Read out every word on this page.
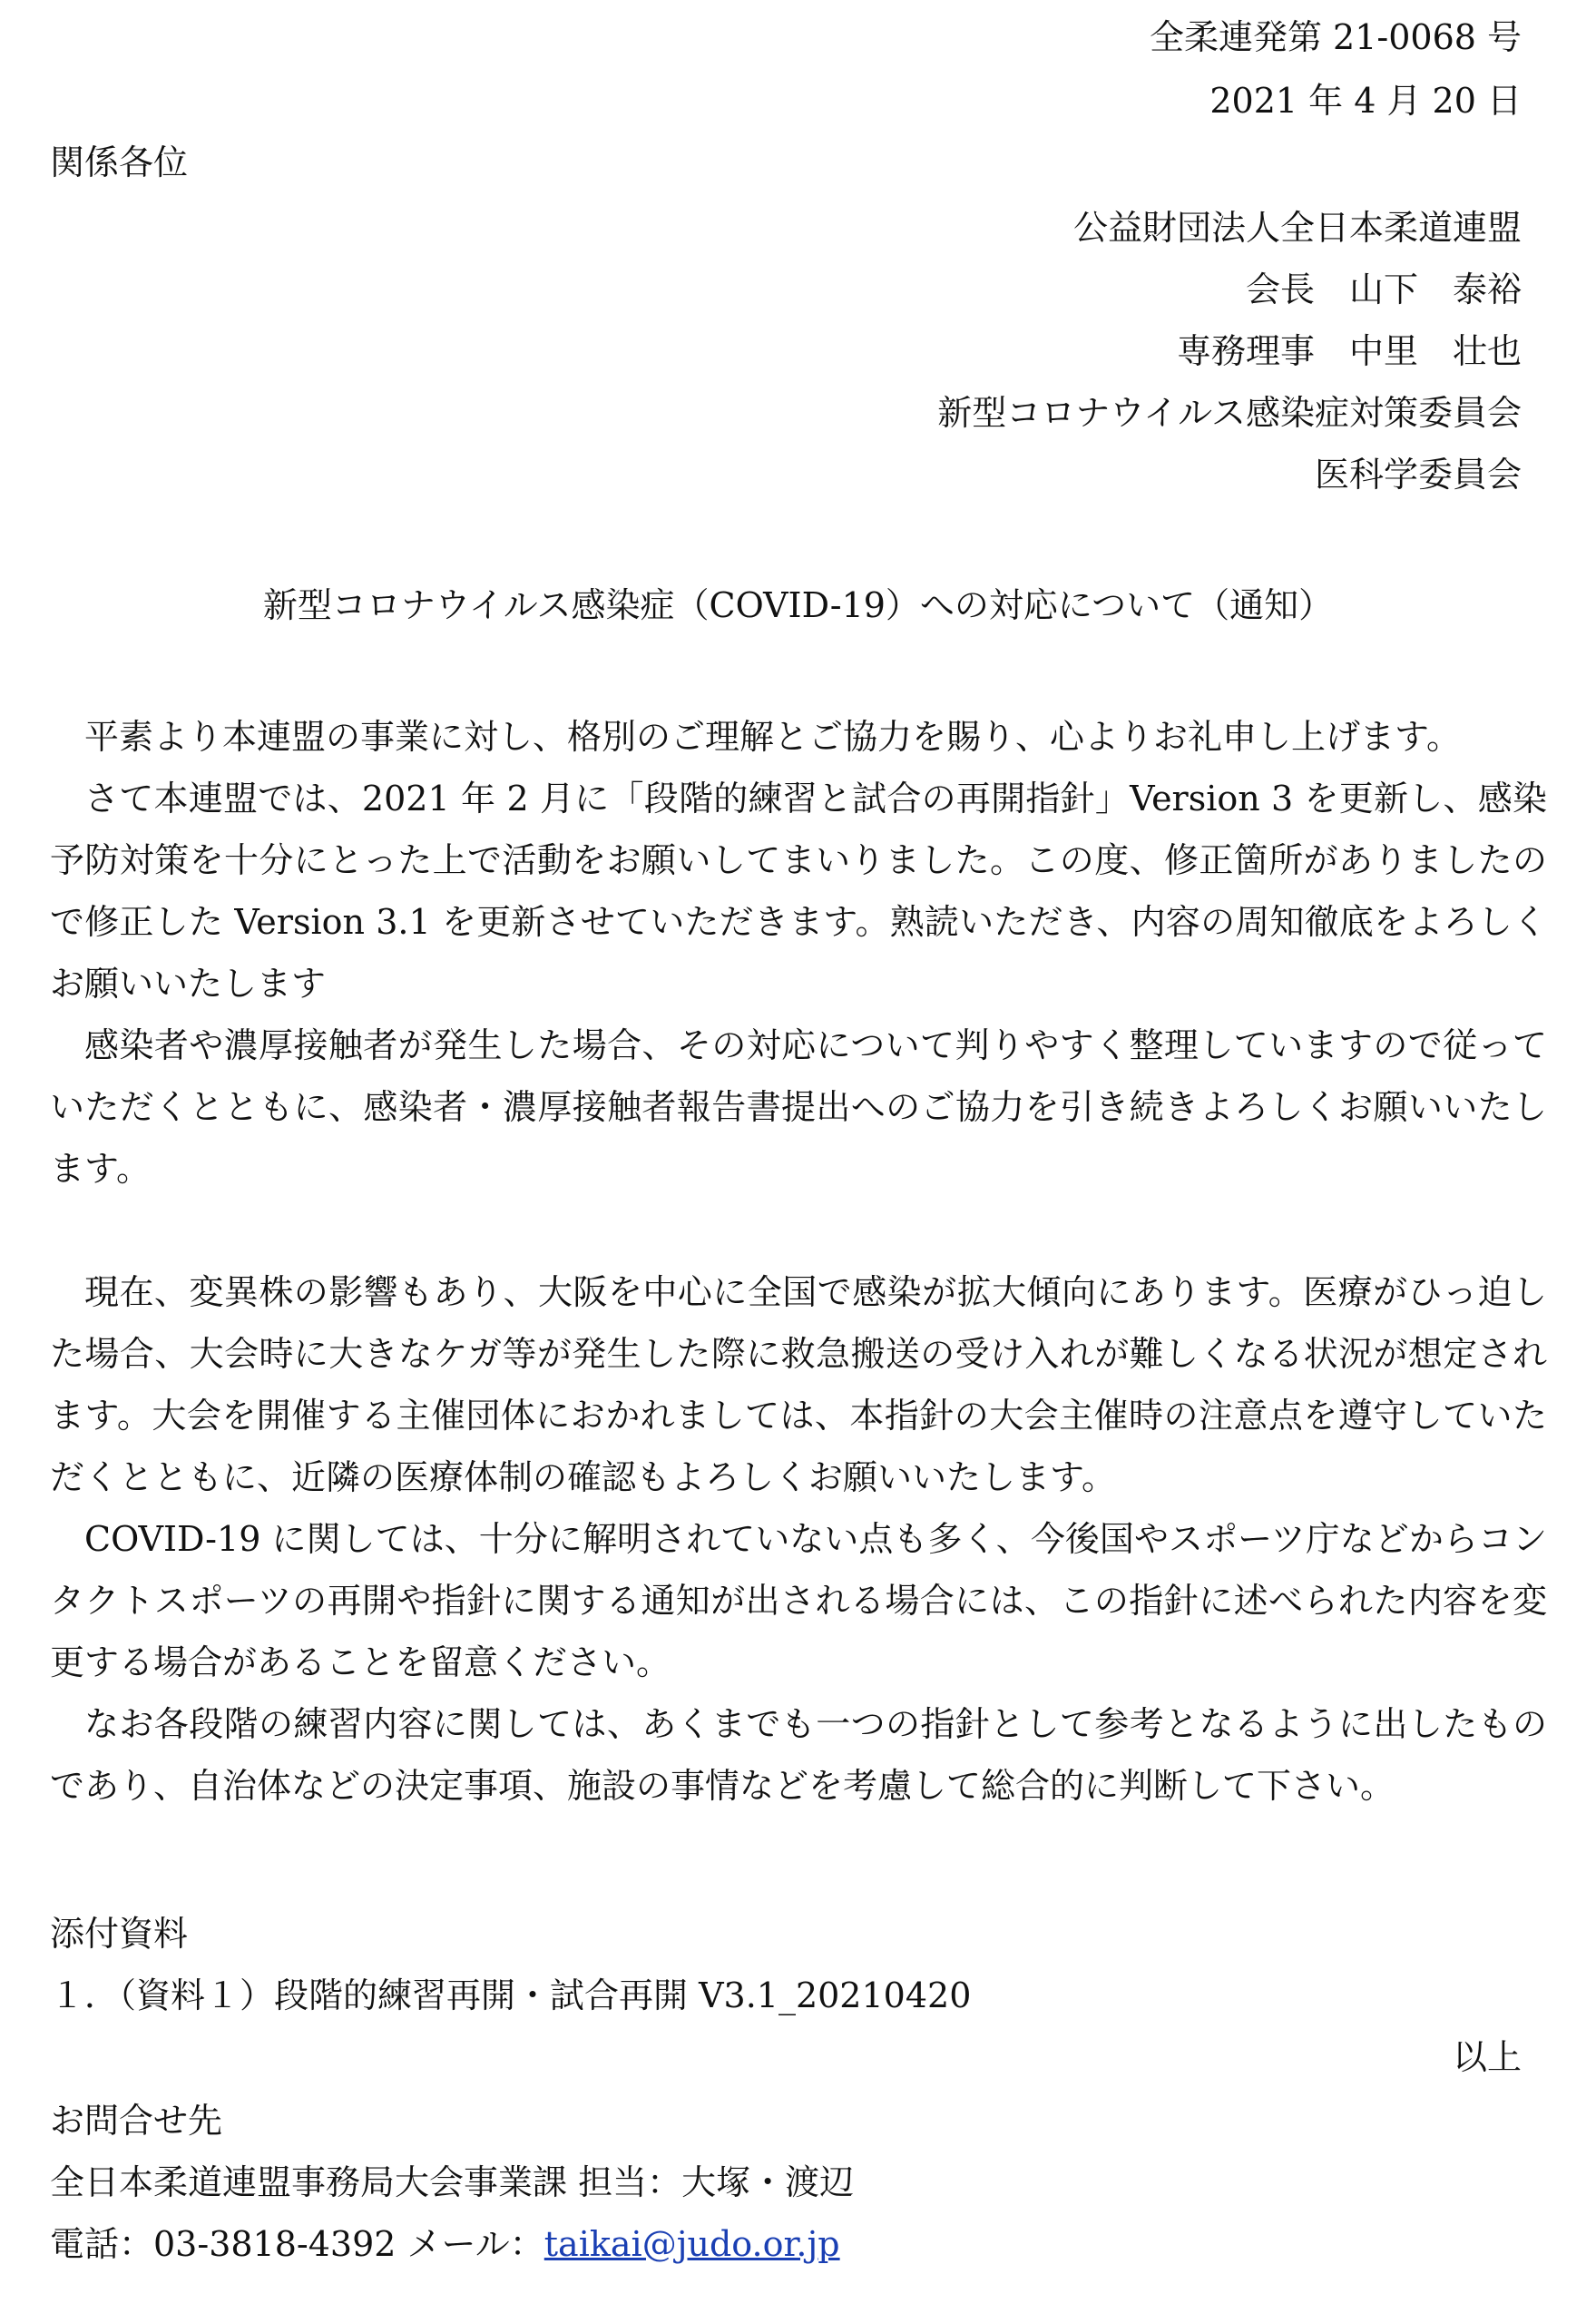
全柔連発第 21-0068 号
2021 年 4 月 20 日
関係各位
公益財団法人全日本柔道連盟
会長　山下　泰裕
専務理事　中里　壮也
新型コロナウイルス感染症対策委員会
医科学委員会
新型コロナウイルス感染症（COVID-19）への対応について（通知）

平素より本連盟の事業に対し、格別のご理解とご協力を賜り、心よりお礼申し上げます。

さて本連盟では、2021 年 2 月に「段階的練習と試合の再開指針」Version 3 を更新し、感染予防対策を十分にとった上で活動をお願いしてまいりました。この度、修正箇所がありましたので修正した Version 3.1 を更新させていただきます。熟読いただき、内容の周知徹底をよろしくお願いいたします

感染者や濃厚接触者が発生した場合、その対応について判りやすく整理していますので従っていただくとともに、感染者・濃厚接触者報告書提出へのご協力を引き続きよろしくお願いいたします。

現在、変異株の影響もあり、大阪を中心に全国で感染が拡大傾向にあります。医療がひっ迫した場合、大会時に大きなケガ等が発生した際に救急搬送の受け入れが難しくなる状況が想定されます。大会を開催する主催団体におかれましては、本指針の大会主催時の注意点を遵守していただくとともに、近隣の医療体制の確認もよろしくお願いいたします。

COVID-19 に関しては、十分に解明されていない点も多く、今後国やスポーツ庁などからコンタクトスポーツの再開や指針に関する通知が出される場合には、この指針に述べられた内容を変更する場合があることを留意ください。

なお各段階の練習内容に関しては、あくまでも一つの指針として参考となるように出したものであり、自治体などの決定事項、施設の事情などを考慮して総合的に判断して下さい。

添付資料
１．（資料１）段階的練習再開・試合再開 V3.1_20210420
以上
お問合せ先
全日本柔道連盟事務局大会事業課 担当：大塚・渡辺
電話：03-3818-4392 メール：taikai@judo.or.jp
